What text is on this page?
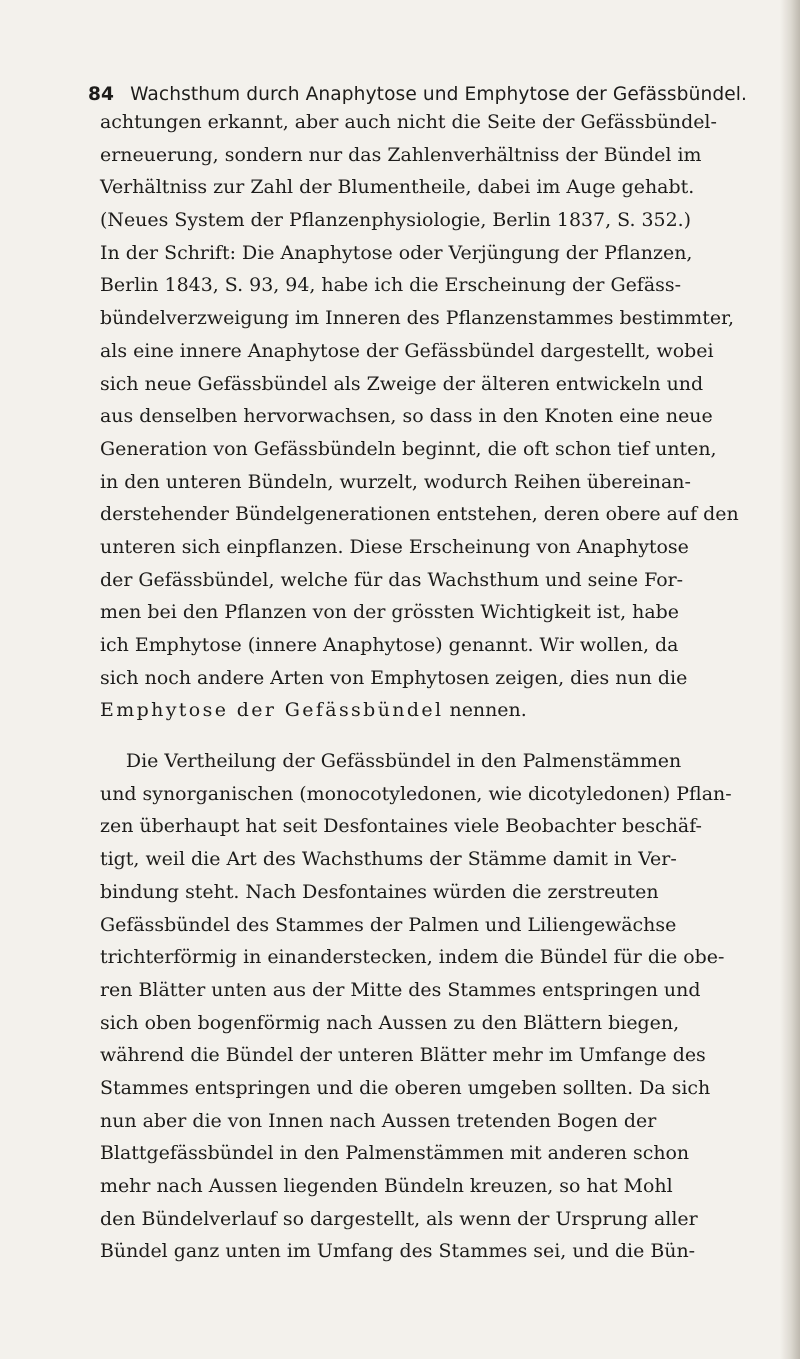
84 Wachsthum durch Anaphytose und Emphytose der Gefässbündel.
achtungen erkannt, aber auch nicht die Seite der Gefässbündel-
erneuerung, sondern nur das Zahlenverhältniss der Bündel im
Verhältniss zur Zahl der Blumentheile, dabei im Auge gehabt.
(Neues System der Pflanzenphysiologie, Berlin 1837, S. 352.)
In der Schrift: Die Anaphytose oder Verjüngung der Pflanzen,
Berlin 1843, S. 93, 94, habe ich die Erscheinung der Gefäss-
bündelverzweigung im Inneren des Pflanzenstammes bestimmter,
als eine innere Anaphytose der Gefässbündel dargestellt, wobei
sich neue Gefässbündel als Zweige der älteren entwickeln und
aus denselben hervorwachsen, so dass in den Knoten eine neue
Generation von Gefässbündeln beginnt, die oft schon tief unten,
in den unteren Bündeln, wurzelt, wodurch Reihen übereinan-
derstehender Bündelgenerationen entstehen, deren obere auf den
unteren sich einpflanzen. Diese Erscheinung von Anaphytose
der Gefässbündel, welche für das Wachsthum und seine For-
men bei den Pflanzen von der grössten Wichtigkeit ist, habe
ich Emphytose (innere Anaphytose) genannt. Wir wollen, da
sich noch andere Arten von Emphytosen zeigen, dies nun die
Emphytose der Gefässbündel nennen.
Die Vertheilung der Gefässbündel in den Palmenstämmen
und synorganischen (monocotyledonen, wie dicotyledonen) Pflan-
zen überhaupt hat seit Desfontaines viele Beobachter beschäf-
tigt, weil die Art des Wachsthums der Stämme damit in Ver-
bindung steht. Nach Desfontaines würden die zerstreuten
Gefässbündel des Stammes der Palmen und Liliengewächse
trichterförmig in einanderstecken, indem die Bündel für die obe-
ren Blätter unten aus der Mitte des Stammes entspringen und
sich oben bogenförmig nach Aussen zu den Blättern biegen,
während die Bündel der unteren Blätter mehr im Umfange des
Stammes entspringen und die oberen umgeben sollten. Da sich
nun aber die von Innen nach Aussen tretenden Bogen der
Blattgefässbündel in den Palmenstämmen mit anderen schon
mehr nach Aussen liegenden Bündeln kreuzen, so hat Mohl
den Bündelverlauf so dargestellt, als wenn der Ursprung aller
Bündel ganz unten im Umfang des Stammes sei, und die Bün-
